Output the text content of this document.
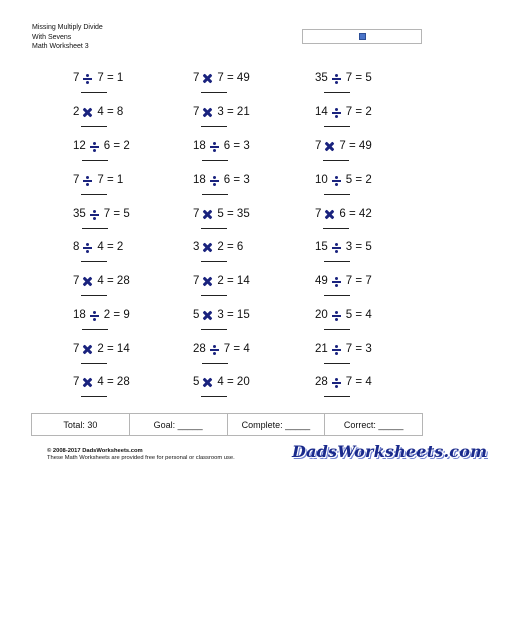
Missing Multiply Divide
With Sevens
Math Worksheet 3
7 7 = 1
2 4 = 8
12 6 = 2
7 7 = 1
35 7 = 5
8 4 = 2
7 4 = 28
18 2 = 9
7 2 = 14
7 4 = 28
7 7 = 49
7 3 = 21
18 6 = 3
18 6 = 3
7 5 = 35
3 2 = 6
7 2 = 14
5 3 = 15
28 7 = 4
5 4 = 20
35 7 = 5
14 7 = 2
7 7 = 49
10 5 = 2
7 6 = 42
15 3 = 5
49 7 = 7
20 5 = 4
21 7 = 3
28 7 = 4
Total: 30	Goal: _____	Complete: _____	Correct: _____
© 2008-2017 DadsWorksheets.com
These Math Worksheets are provided free for personal or classroom use.	DadsWorksheets.com
